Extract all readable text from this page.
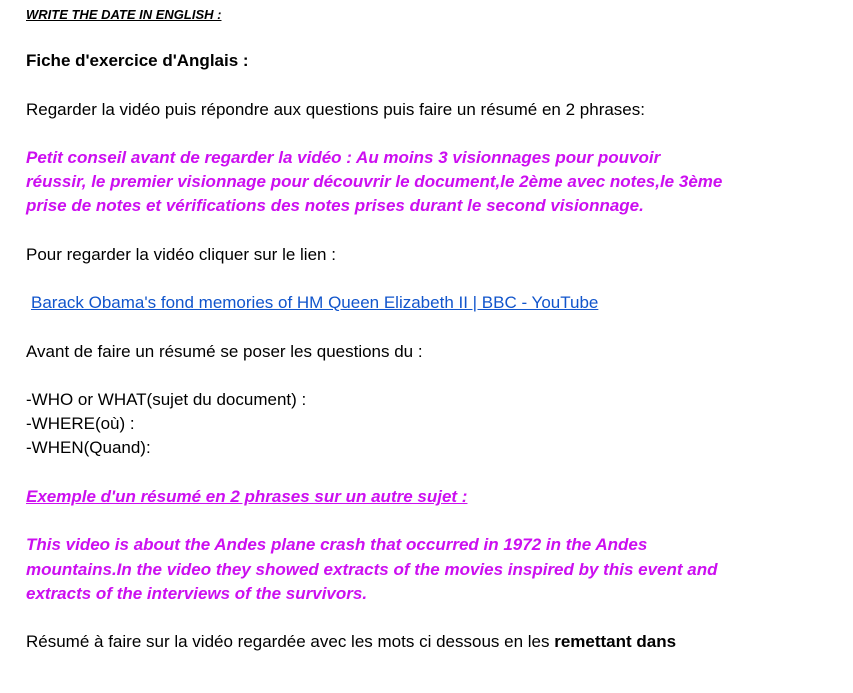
WRITE THE DATE IN ENGLISH :
Fiche d'exercice d'Anglais :
Regarder la vidéo puis répondre aux questions puis faire un résumé en 2 phrases:
Petit conseil avant de regarder la vidéo : Au moins 3 visionnages pour pouvoir
réussir, le premier visionnage pour découvrir le document,le 2ème avec notes,le 3ème
prise de notes et vérifications des notes prises durant le second visionnage.
Pour regarder la vidéo cliquer sur le lien :
Barack Obama's fond memories of HM Queen Elizabeth II | BBC - YouTube
Avant de faire un résumé se poser les questions du :
-WHO or WHAT(sujet du document) :
-WHERE(où) :
-WHEN(Quand):
Exemple d'un résumé en 2 phrases sur un autre sujet :
This video is about the Andes plane crash that occurred in 1972 in the Andes
mountains.In the video they showed extracts of the movies inspired by this event and
extracts of the interviews of the survivors.
Résumé à faire sur la vidéo regardée avec les mots ci dessous en les remettant dans
